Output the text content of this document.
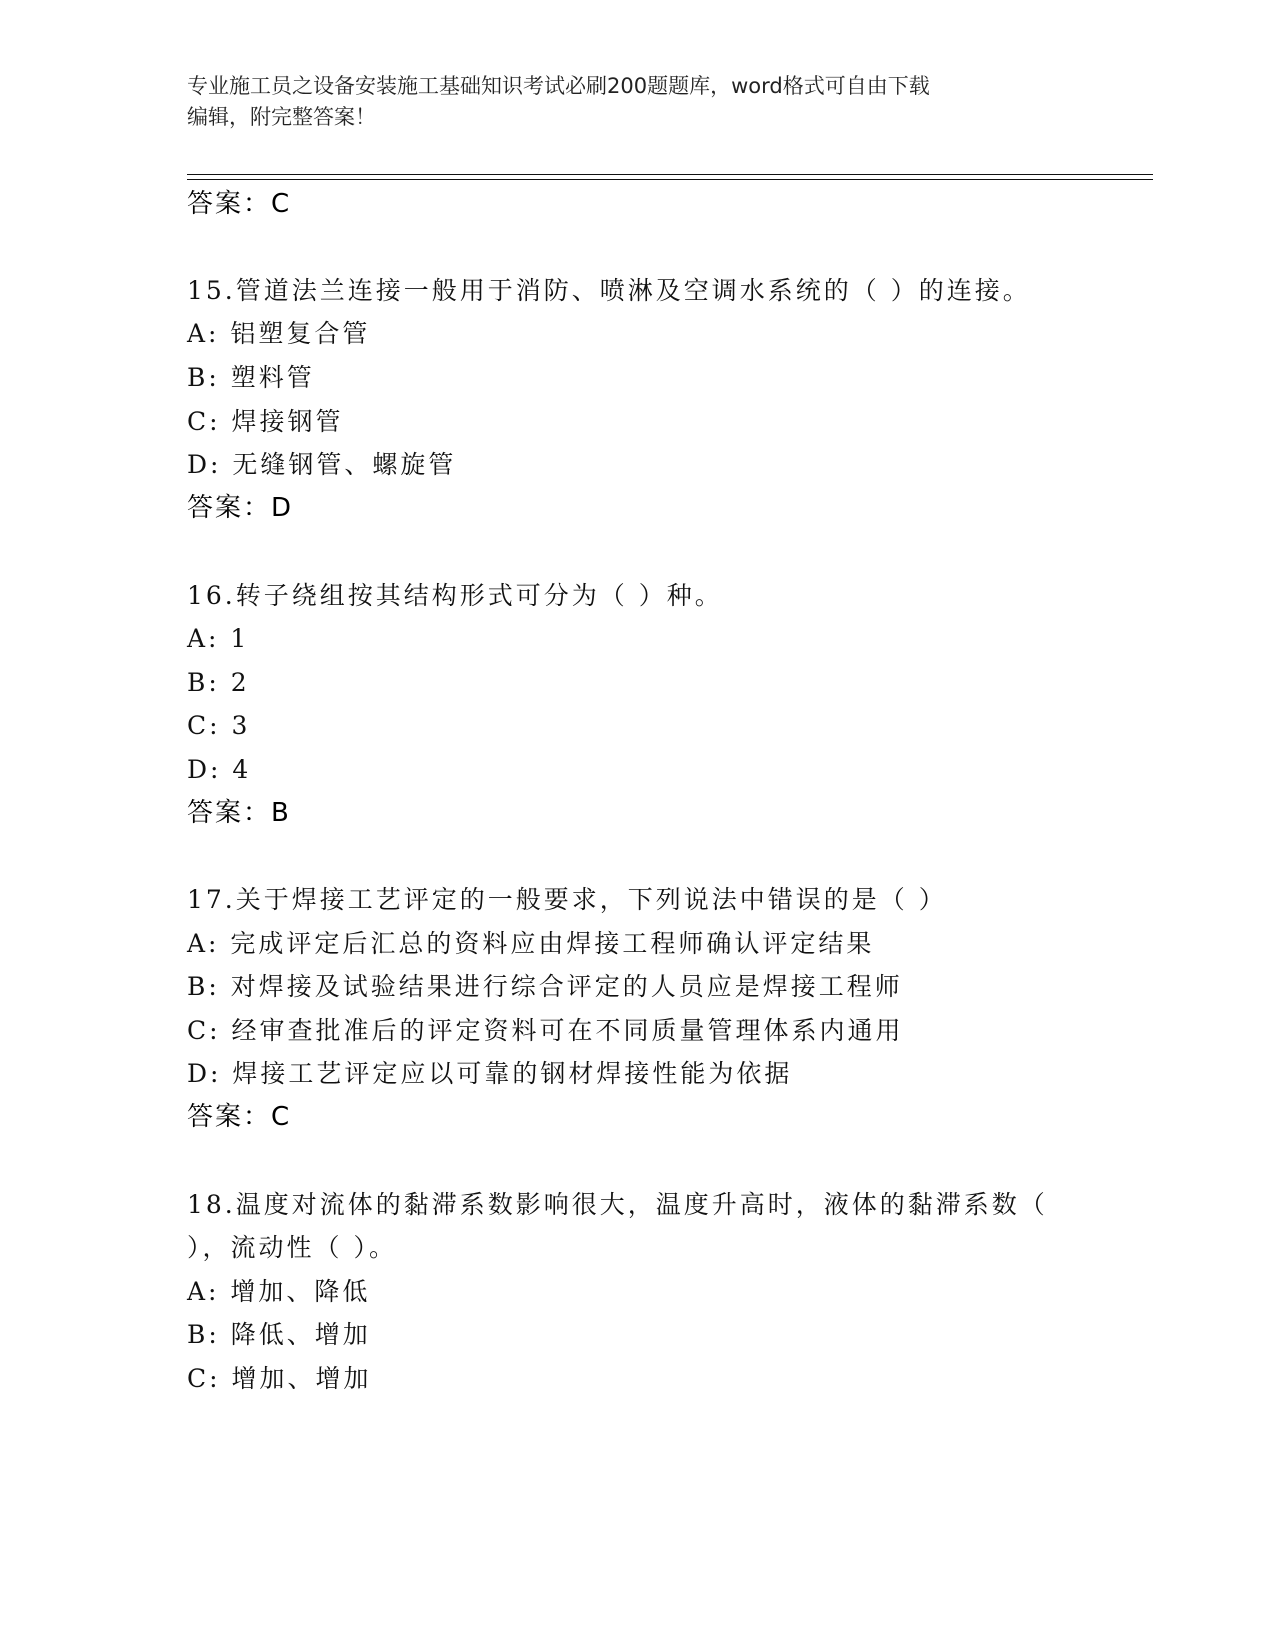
专业施工员之设备安装施工基础知识考试必刷200题题库，word格式可自由下载
编辑，附完整答案！
答案：C
15.管道法兰连接一般用于消防、喷淋及空调水系统的（ ）的连接。
A: 铝塑复合管
B: 塑料管
C: 焊接钢管
D: 无缝钢管、螺旋管
答案：D
16.转子绕组按其结构形式可分为（ ）种。
A: 1
B: 2
C: 3
D: 4
答案：B
17.关于焊接工艺评定的一般要求，下列说法中错误的是（ ）
A: 完成评定后汇总的资料应由焊接工程师确认评定结果
B: 对焊接及试验结果进行综合评定的人员应是焊接工程师
C: 经审查批准后的评定资料可在不同质量管理体系内通用
D: 焊接工艺评定应以可靠的钢材焊接性能为依据
答案：C
18.温度对流体的黏滞系数影响很大，温度升高时，液体的黏滞系数（
），流动性（ ）。
A: 增加、降低
B: 降低、增加
C: 增加、增加
